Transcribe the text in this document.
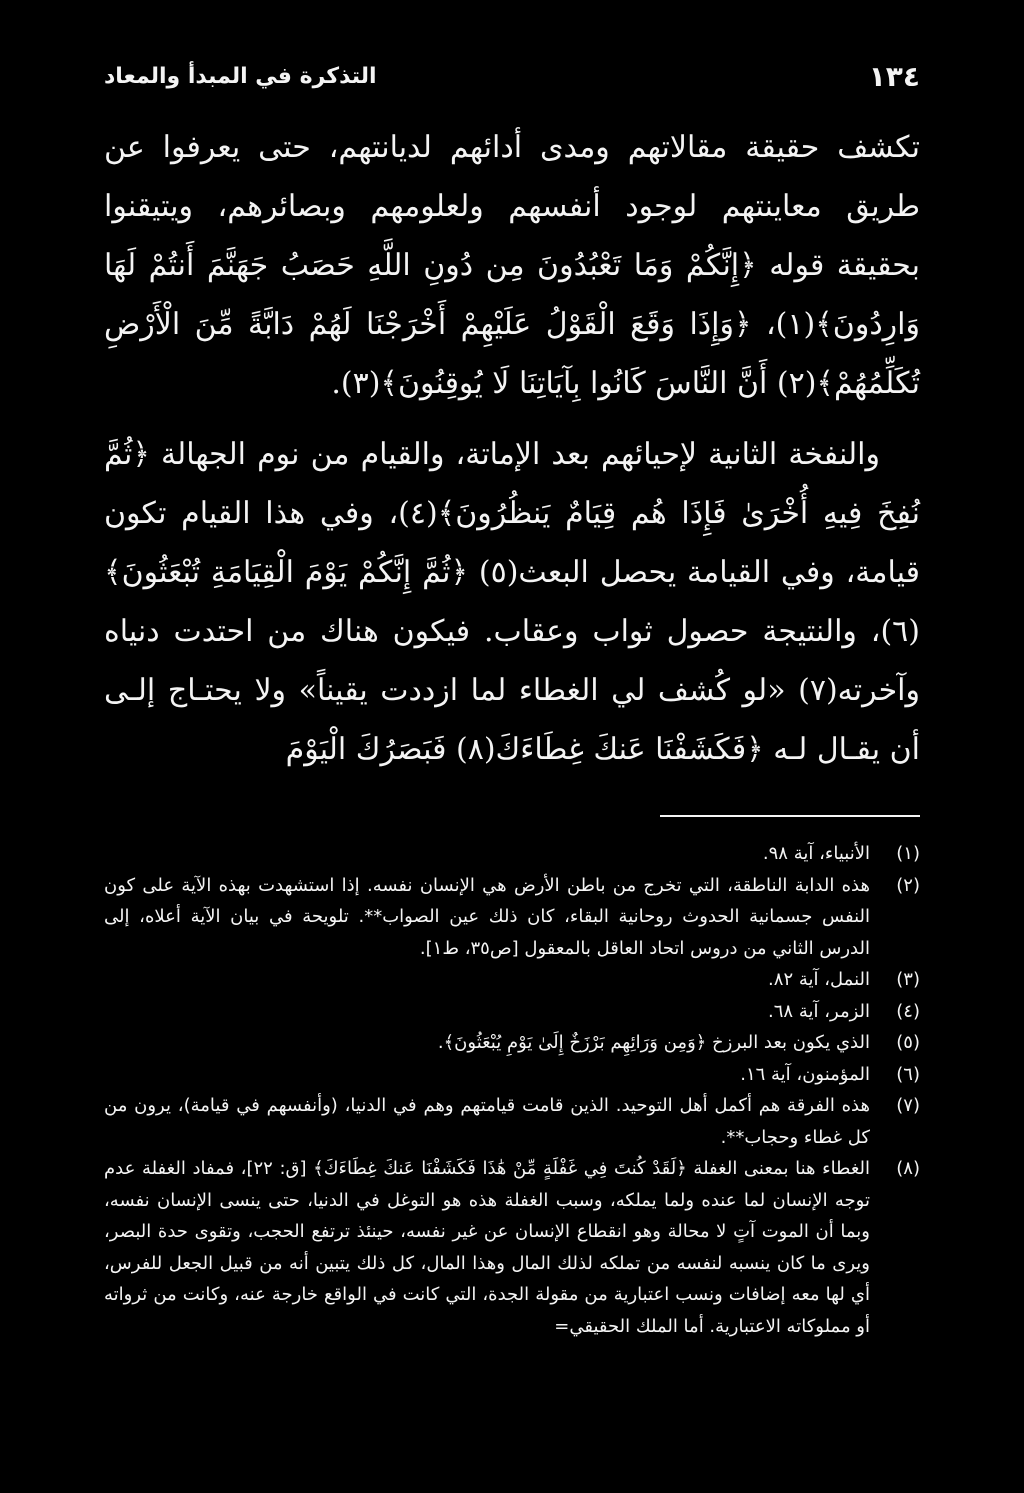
١٣٤
التذكرة في المبدأ والمعاد

تكشف حقيقة مقالاتهم ومدى أدائهم لديانتهم، حتى يعرفوا عن طريق معاينتهم لوجود أنفسهم ولعلومهم وبصائرهم، ويتيقنوا بحقيقة قوله ﴿إِنَّكُمْ وَمَا تَعْبُدُونَ مِن دُونِ اللَّهِ حَصَبُ جَهَنَّمَ أَنتُمْ لَهَا وَارِدُونَ﴾(١)، ﴿وَإِذَا وَقَعَ الْقَوْلُ عَلَيْهِمْ أَخْرَجْنَا لَهُمْ دَابَّةً مِّنَ الْأَرْضِ تُكَلِّمُهُمْ﴾(٢) أَنَّ النَّاسَ كَانُوا بِآيَاتِنَا لَا يُوقِنُونَ﴾(٣).

والنفخة الثانية لإحيائهم بعد الإماتة، والقيام من نوم الجهالة ﴿ثُمَّ نُفِخَ فِيهِ أُخْرَىٰ فَإِذَا هُم قِيَامٌ يَنظُرُونَ﴾(٤)، وفي هذا القيام تكون قيامة، وفي القيامة يحصل البعث(٥) ﴿ثُمَّ إِنَّكُمْ يَوْمَ الْقِيَامَةِ تُبْعَثُونَ﴾(٦)، والنتيجة حصول ثواب وعقاب. فيكون هناك من احتدت دنياه وآخرته(٧) «لو كُشف لي الغطاء لما ازددت يقيناً» ولا يحتـاج إلـى أن يقـال لـه ﴿فَكَشَفْنَا عَنكَ غِطَاءَكَ(٨) فَبَصَرُكَ الْيَوْمَ

(١)
الأنبياء، آية ٩٨.
(٢)
هذه الدابة الناطقة، التي تخرج من باطن الأرض هي الإنسان نفسه. إذا استشهدت بهذه الآية على كون النفس جسمانية الحدوث روحانية البقاء، كان ذلك عين الصواب**. تلويحة في بيان الآية أعلاه، إلى الدرس الثاني من دروس اتحاد العاقل بالمعقول [ص٣٥، ط١].
(٣)
النمل، آية ٨٢.
(٤)
الزمر، آية ٦٨.
(٥)
الذي يكون بعد البرزخ ﴿وَمِن وَرَائِهِم بَرْزَخٌ إِلَىٰ يَوْمِ يُبْعَثُونَ﴾.
(٦)
المؤمنون، آية ١٦.
(٧)
هذه الفرقة هم أكمل أهل التوحيد. الذين قامت قيامتهم وهم في الدنيا، (وأنفسهم في قيامة)، يرون من كل غطاء وحجاب**.
(٨)
الغطاء هنا بمعنى الغفلة ﴿لَقَدْ كُنتَ فِي غَفْلَةٍ مِّنْ هَٰذَا فَكَشَفْنَا عَنكَ غِطَاءَكَ﴾ [ق: ٢٢]، فمفاد الغفلة عدم توجه الإنسان لما عنده ولما يملكه، وسبب الغفلة هذه هو التوغل في الدنيا، حتى ينسى الإنسان نفسه، وبما أن الموت آتٍ لا محالة وهو انقطاع الإنسان عن غير نفسه، حينئذ ترتفع الحجب، وتقوى حدة البصر، ويرى ما كان ينسبه لنفسه من تملكه لذلك المال وهذا المال، كل ذلك يتبين أنه من قبيل الجعل للفرس، أي لها معه إضافات ونسب اعتبارية من مقولة الجدة، التي كانت في الواقع خارجة عنه، وكانت من ثرواته أو مملوكاته الاعتبارية. أما الملك الحقيقي=
